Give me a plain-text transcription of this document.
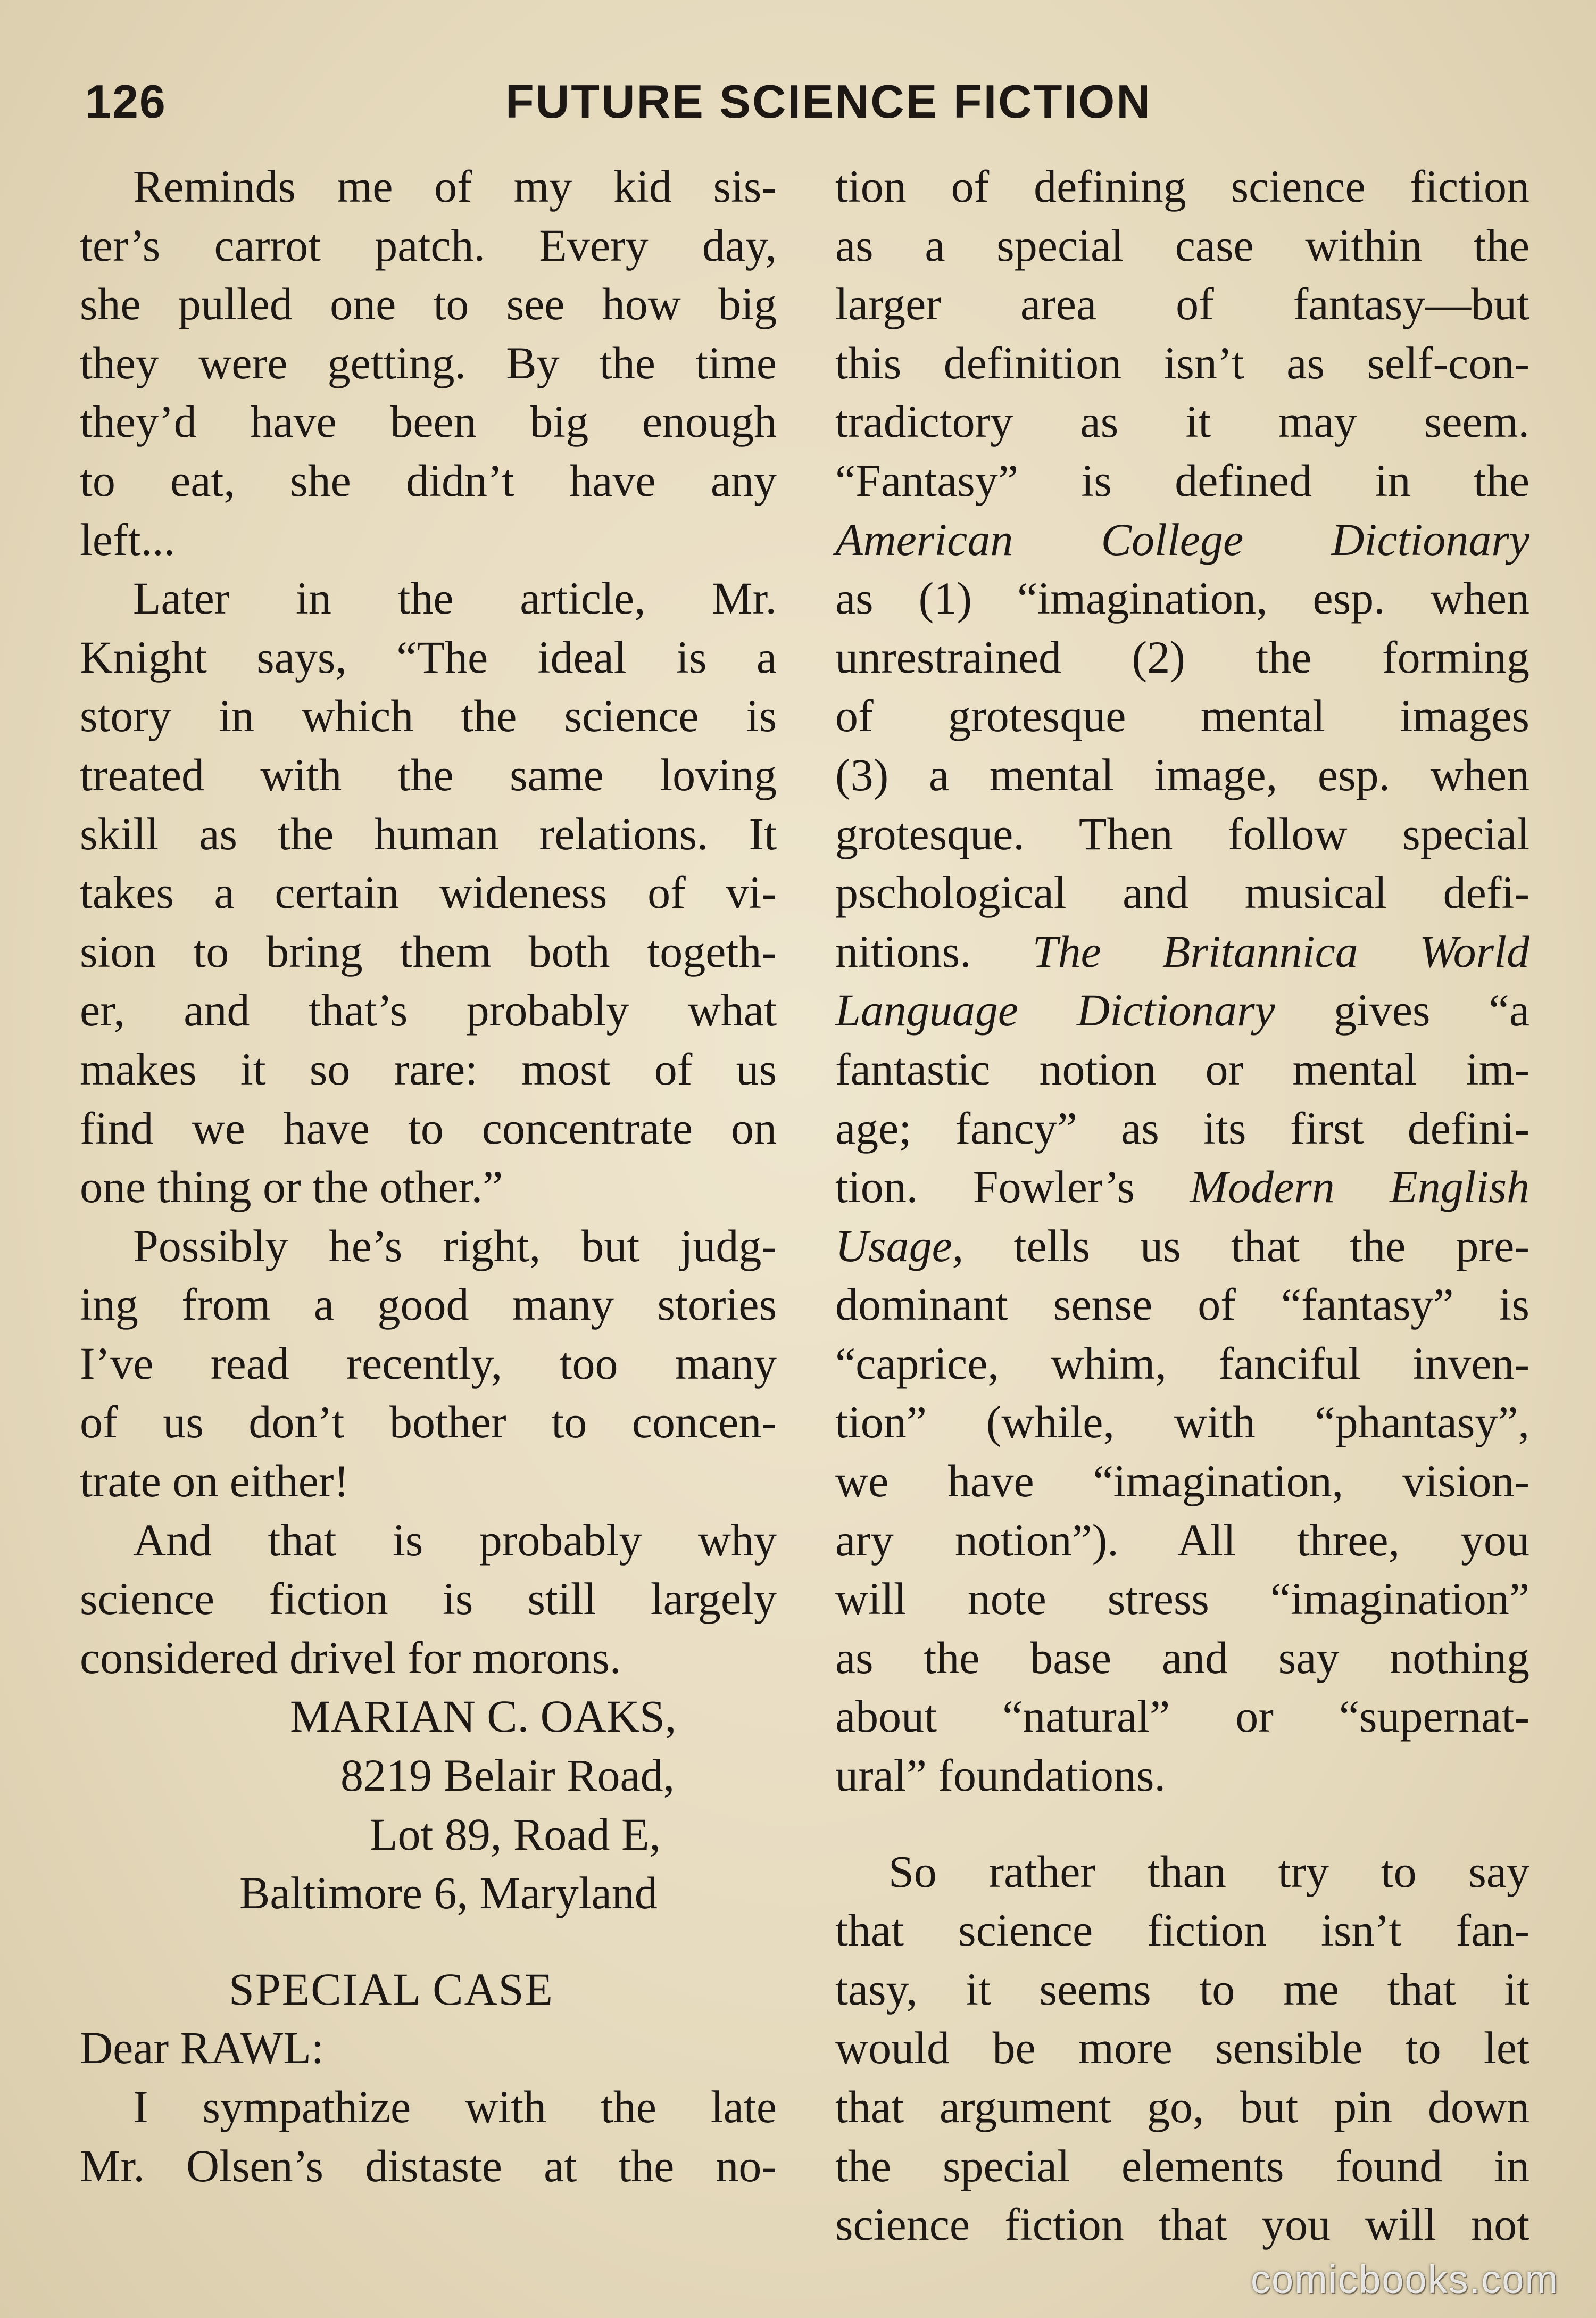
126	FUTURE SCIENCE FICTION
Reminds me of my kid sis-
ter’s carrot patch. Every day,
she pulled one to see how big
they were getting. By the time
they’d have been big enough
to eat, she didn’t have any
left...
Later in the article, Mr.
Knight says, “The ideal is a
story in which the science is
treated with the same loving
skill as the human relations. It
takes a certain wideness of vi-
sion to bring them both togeth-
er, and that’s probably what
makes it so rare: most of us
find we have to concentrate on
one thing or the other.”
Possibly he’s right, but judg-
ing from a good many stories
I’ve read recently, too many
of us don’t bother to concen-
trate on either!
And that is probably why
science fiction is still largely
considered drivel for morons.
MARIAN C. OAKS,
8219 Belair Road,
Lot 89, Road E,
Baltimore 6, Maryland
SPECIAL CASE
Dear RAWL:
I sympathize with the late
Mr. Olsen’s distaste at the no-
tion of defining science fiction
as a special case within the
larger area of fantasy—but
this definition isn’t as self-con-
tradictory as it may seem.
“Fantasy” is defined in the
American College Dictionary
as (1) “imagination, esp. when
unrestrained (2) the forming
of grotesque mental images
(3) a mental image, esp. when
grotesque. Then follow special
pschological and musical defi-
nitions. The Britannica World
Language Dictionary gives “a
fantastic notion or mental im-
age; fancy” as its first defini-
tion. Fowler’s Modern English
Usage, tells us that the pre-
dominant sense of “fantasy” is
“caprice, whim, fanciful inven-
tion” (while, with “phantasy”,
we have “imagination, vision-
ary notion”). All three, you
will note stress “imagination”
as the base and say nothing
about “natural” or “supernat-
ural” foundations.
So rather than try to say
that science fiction isn’t fan-
tasy, it seems to me that it
would be more sensible to let
that argument go, but pin down
the special elements found in
science fiction that you will not
comicbooks.com
